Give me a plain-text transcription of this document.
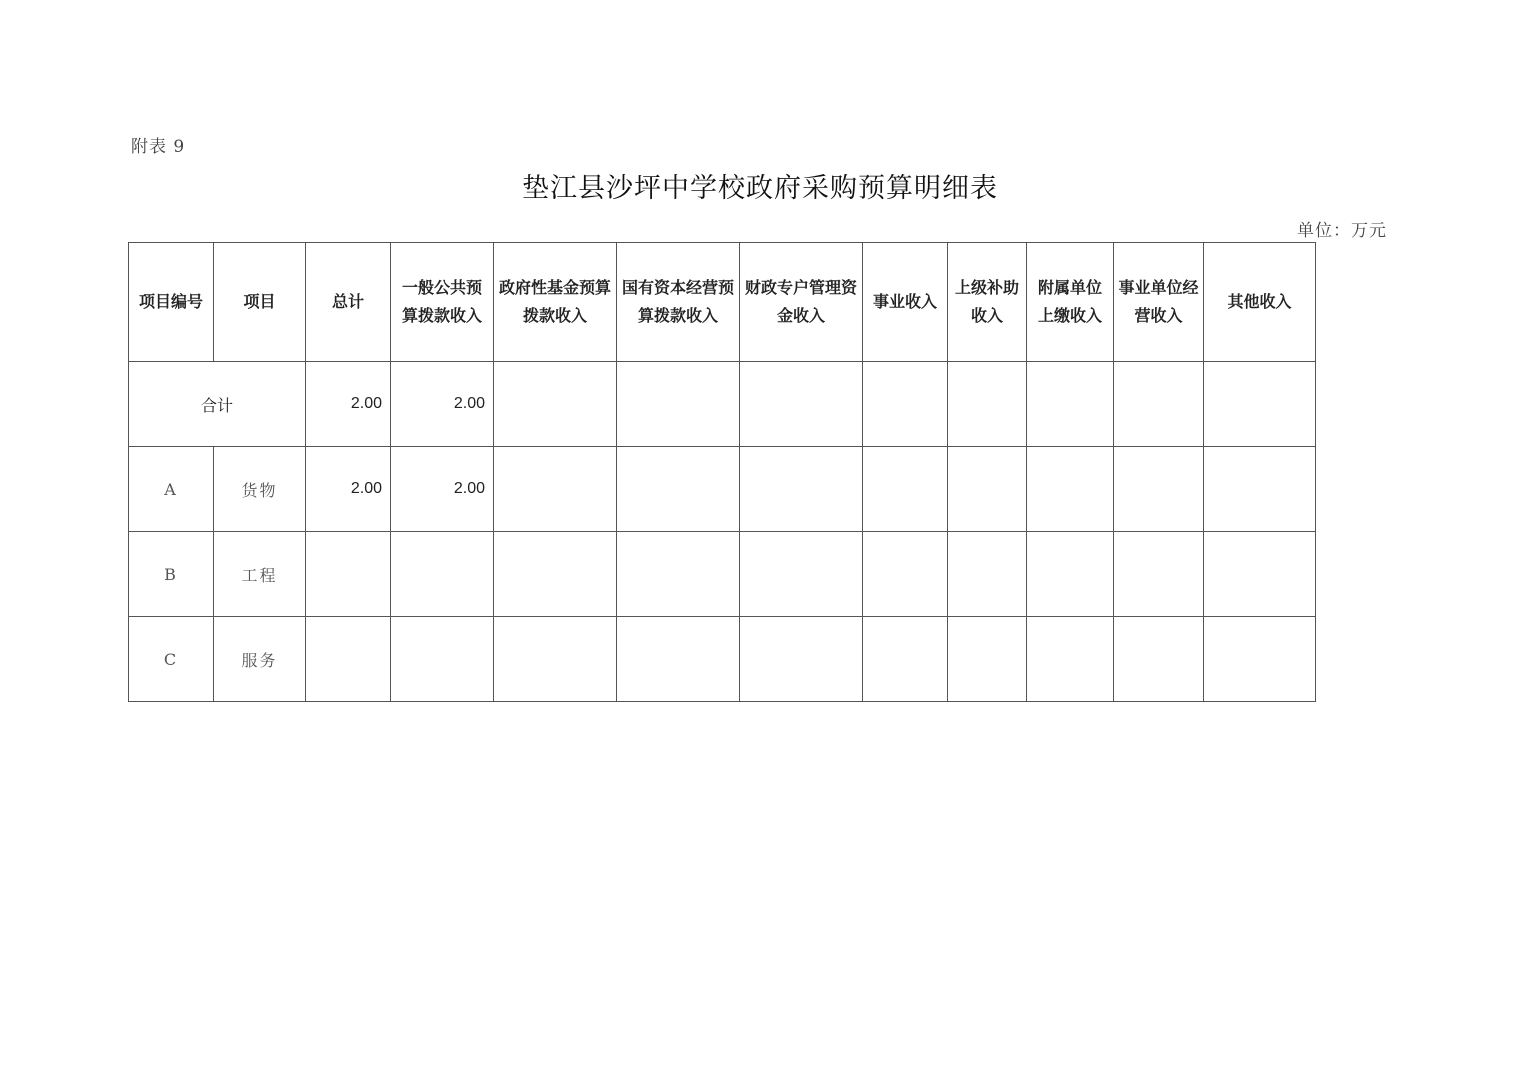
附表 9
垫江县沙坪中学校政府采购预算明细表
单位：万元
项目编号	项目	总计	一般公共预算拨款收入	政府性基金预算拨款收入	国有资本经营预算拨款收入	财政专户管理资金收入	事业收入	上级补助收入	附属单位上缴收入	事业单位经营收入	其他收入
合计		2.00	2.00								
A	货物	2.00	2.00								
B	工程										
C	服务										
